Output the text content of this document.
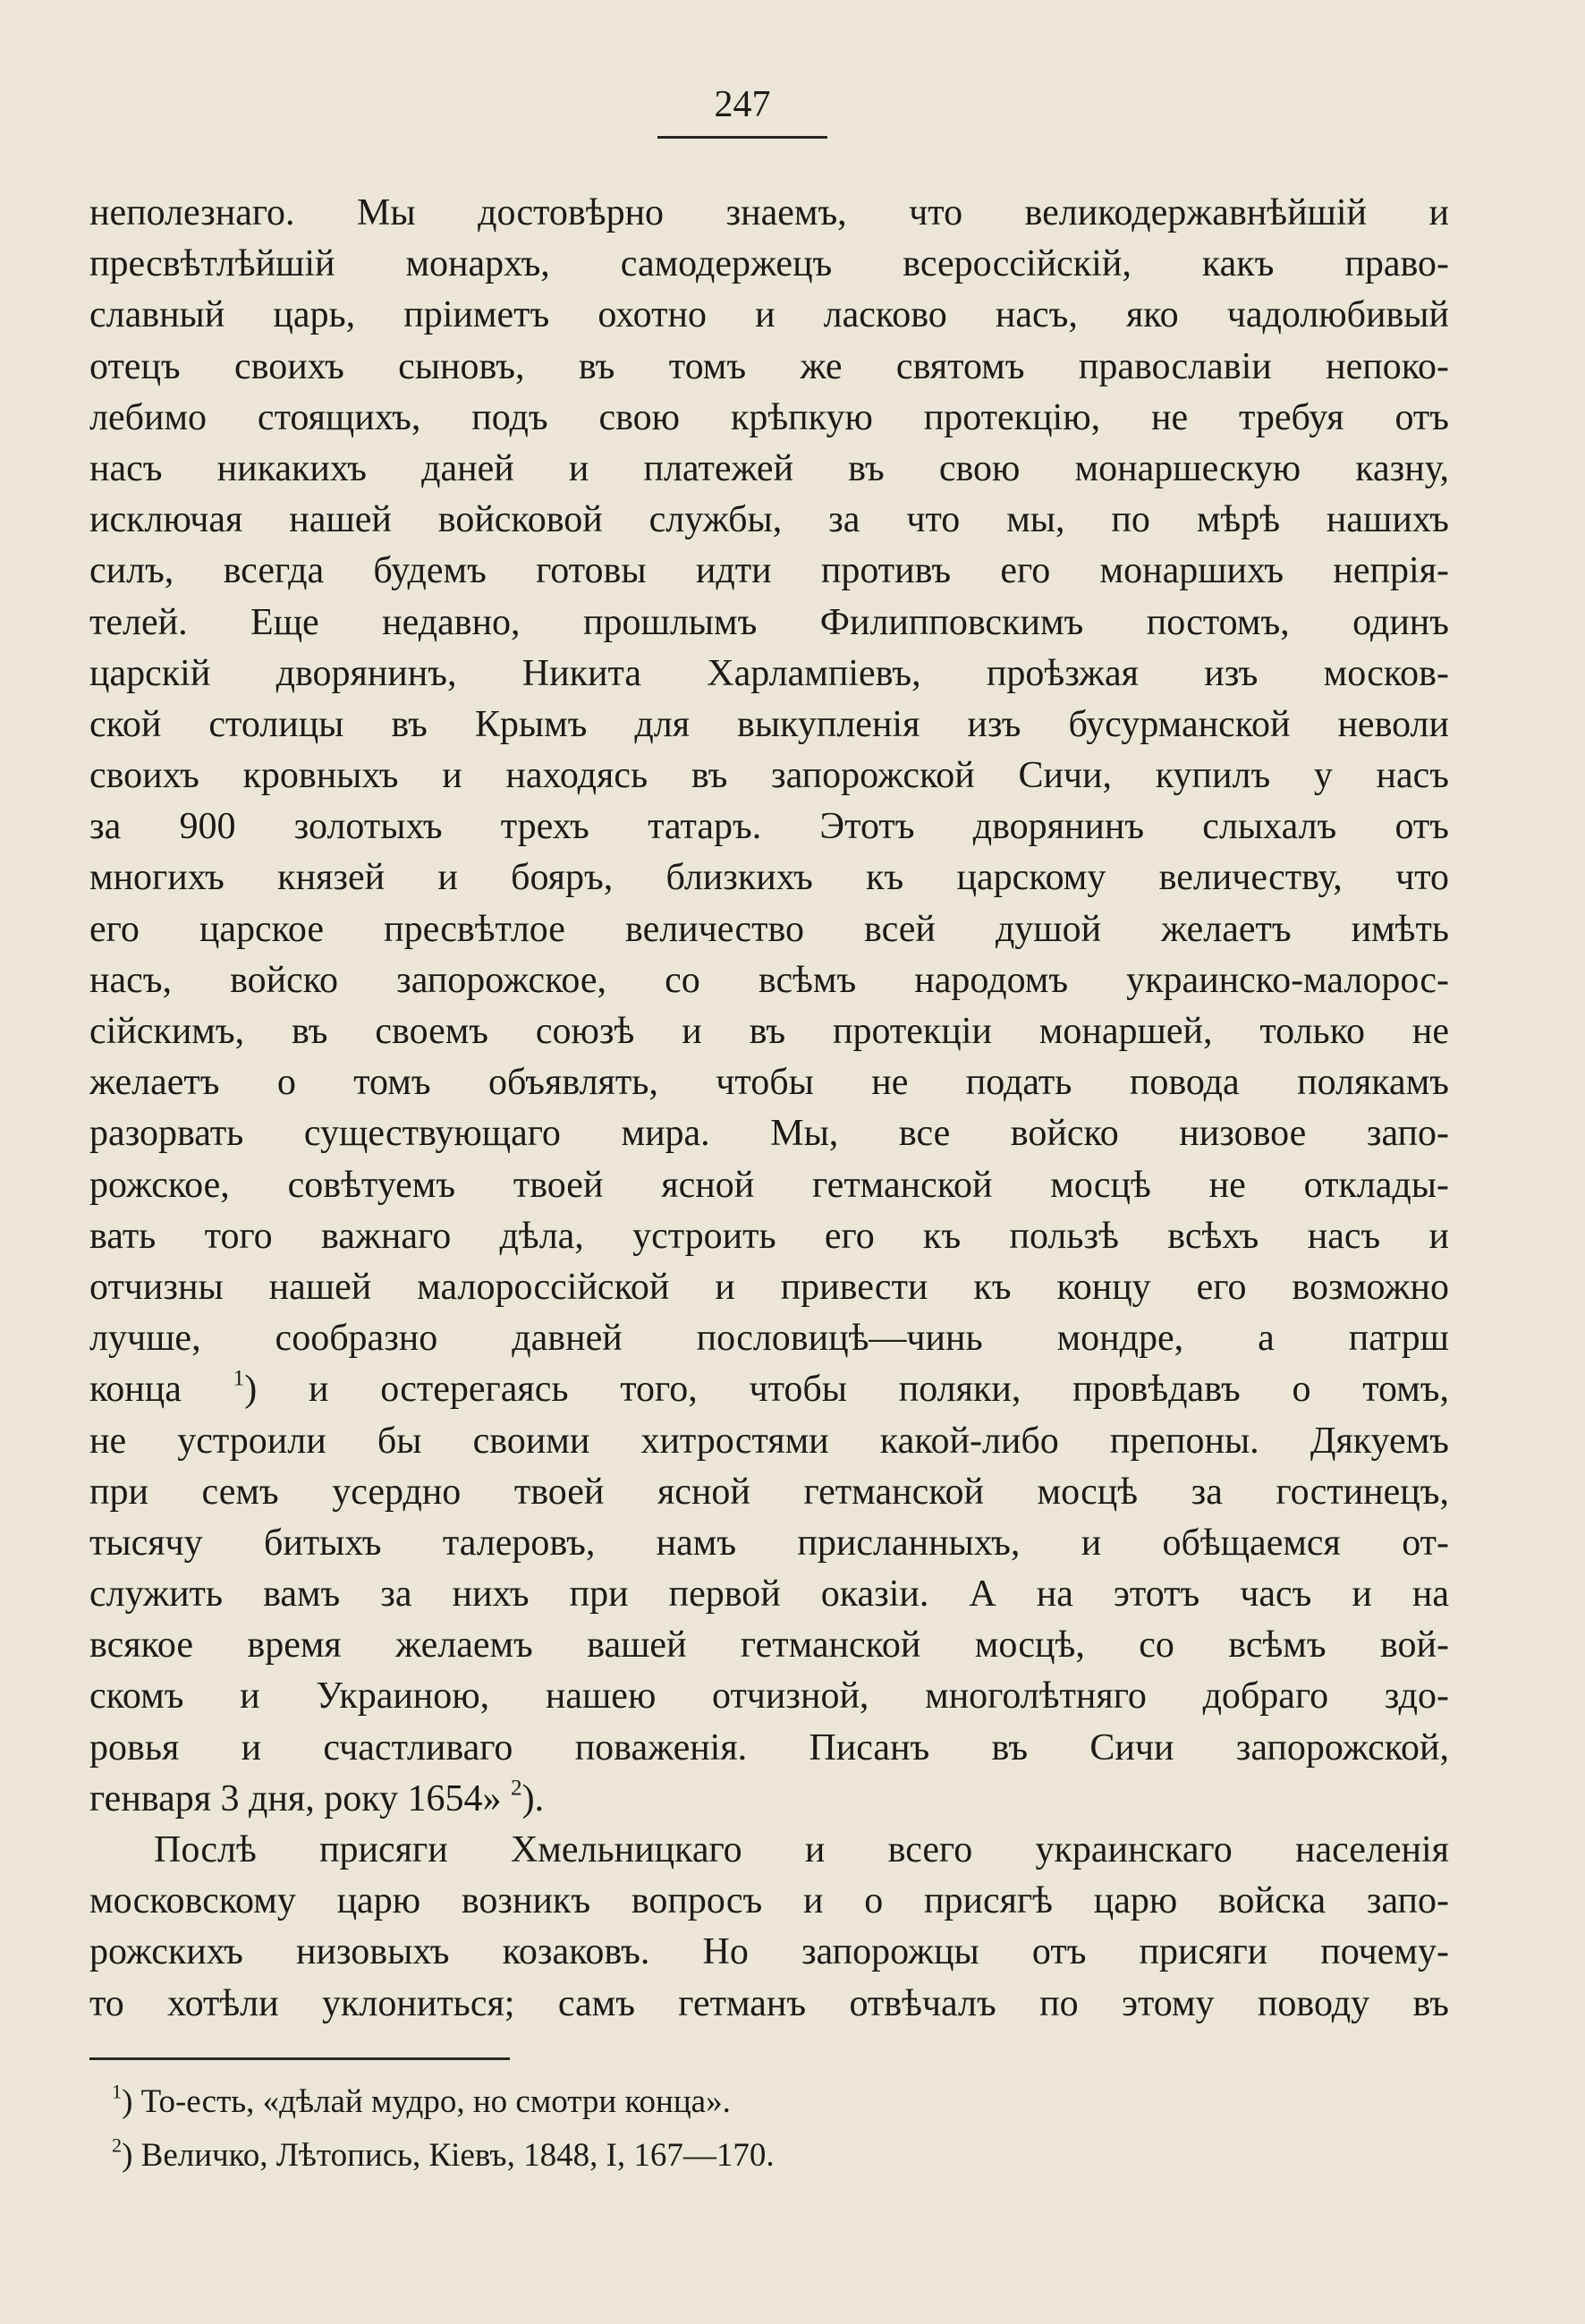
247
неполезнаго. Мы достовѣрно знаемъ, что великодержавнѣйшій и
пресвѣтлѣйшій монархъ, самодержецъ всероссійскій, какъ право-
славный царь, пріиметъ охотно и ласково насъ, яко чадолюбивый
отецъ своихъ сыновъ, въ томъ же святомъ православіи непоко-
лебимо стоящихъ, подъ свою крѣпкую протекцію, не требуя отъ
насъ никакихъ даней и платежей въ свою монаршескую казну,
исключая нашей войсковой службы, за что мы, по мѣрѣ нашихъ
силъ, всегда будемъ готовы идти противъ его монаршихъ непрія-
телей. Еще недавно, прошлымъ Филипповскимъ постомъ, одинъ
царскій дворянинъ, Никита Харлампіевъ, проѣзжая изъ москов-
ской столицы въ Крымъ для выкупленія изъ бусурманской неволи
своихъ кровныхъ и находясь въ запорожской Сичи, купилъ у насъ
за 900 золотыхъ трехъ татаръ. Этотъ дворянинъ слыхалъ отъ
многихъ князей и бояръ, близкихъ къ царскому величеству, что
его царское пресвѣтлое величество всей душой желаетъ имѣть
насъ, войско запорожское, со всѣмъ народомъ украинско-малорос-
сійскимъ, въ своемъ союзѣ и въ протекціи монаршей, только не
желаетъ о томъ объявлять, чтобы не подать повода полякамъ
разорвать существующаго мира. Мы, все войско низовое запо-
рожское, совѣтуемъ твоей ясной гетманской мосцѣ не отклады-
вать того важнаго дѣла, устроить его къ пользѣ всѣхъ насъ и
отчизны нашей малороссійской и привести къ концу его возможно
лучше, сообразно давней пословицѣ—чинь мондре, а патрш
конца $^1$) и остерегаясь того, чтобы поляки, провѣдавъ о томъ,
не устроили бы своими хитростями какой-либо препоны. Дякуемъ
при семъ усердно твоей ясной гетманской мосцѣ за гостинецъ,
тысячу битыхъ талеровъ, намъ присланныхъ, и обѣщаемся от-
служить вамъ за нихъ при первой оказіи. А на этотъ часъ и на
всякое время желаемъ вашей гетманской мосцѣ, со всѣмъ вой-
скомъ и Украиною, нашею отчизной, многолѣтняго добраго здо-
ровья и счастливаго поваженія. Писанъ въ Сичи запорожской,
генваря 3 дня, року 1654» $^2$).
Послѣ присяги Хмельницкаго и всего украинскаго населенія
московскому царю возникъ вопросъ и о присягѣ царю войска запо-
рожскихъ низовыхъ козаковъ. Но запорожцы отъ присяги почему-
то хотѣли уклониться; самъ гетманъ отвѣчалъ по этому поводу въ
$^1$) То-есть, «дѣлай мудро, но смотри конца».
$^2$) Величко, Лѣтопись, Кіевъ, 1848, I, 167—170.
